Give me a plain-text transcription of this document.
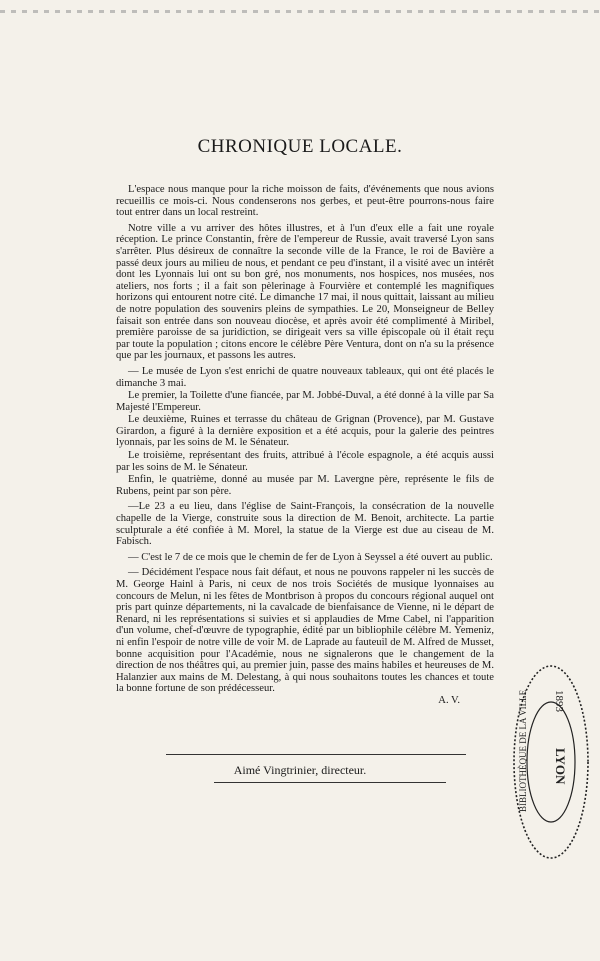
CHRONIQUE LOCALE.

L'espace nous manque pour la riche moisson de faits, d'événements que nous avions recueillis ce mois-ci. Nous condenserons nos gerbes, et peut-être pourrons-nous faire tout entrer dans un local restreint.

Notre ville a vu arriver des hôtes illustres, et à l'un d'eux elle a fait une royale réception. Le prince Constantin, frère de l'empereur de Russie, avait traversé Lyon sans s'arrêter. Plus désireux de connaître la seconde ville de la France, le roi de Bavière a passé deux jours au milieu de nous, et pendant ce peu d'instant, il a visité avec un intérêt dont les Lyonnais lui ont su bon gré, nos monuments, nos hospices, nos musées, nos ateliers, nos forts ; il a fait son pèlerinage à Fourvière et contemplé les magnifiques horizons qui entourent notre cité. Le dimanche 17 mai, il nous quittait, laissant au milieu de notre population des souvenirs pleins de sympathies. Le 20, Monseigneur de Belley faisait son entrée dans son nouveau diocèse, et après avoir été complimenté à Miribel, première paroisse de sa juridiction, se dirigeait vers sa ville épiscopale où il était reçu par toute la population ; citons encore le célèbre Père Ventura, dont on n'a su la présence que par les journaux, et passons les autres.

— Le musée de Lyon s'est enrichi de quatre nouveaux tableaux, qui ont été placés le dimanche 3 mai.

Le premier, la Toilette d'une fiancée, par M. Jobbé-Duval, a été donné à la ville par Sa Majesté l'Empereur.

Le deuxième, Ruines et terrasse du château de Grignan (Provence), par M. Gustave Girardon, a figuré à la dernière exposition et a été acquis, pour la galerie des peintres lyonnais, par les soins de M. le Sénateur.

Le troisième, représentant des fruits, attribué à l'école espagnole, a été acquis aussi par les soins de M. le Sénateur.

Enfin, le quatrième, donné au musée par M. Lavergne père, représente le fils de Rubens, peint par son père.

—Le 23 a eu lieu, dans l'église de Saint-François, la consécration de la nouvelle chapelle de la Vierge, construite sous la direction de M. Benoit, architecte. La partie sculpturale a été confiée à M. Morel, la statue de la Vierge est due au ciseau de M. Fabisch.

— C'est le 7 de ce mois que le chemin de fer de Lyon à Seyssel a été ouvert au public.

— Décidément l'espace nous fait défaut, et nous ne pouvons rappeler ni les succès de M. George Hainl à Paris, ni ceux de nos trois Sociétés de musique lyonnaises au concours de Melun, ni les fêtes de Montbrison à propos du concours régional auquel ont pris part quinze départements, ni la cavalcade de bienfaisance de Vienne, ni le départ de Renard, ni les représentations si suivies et si applaudies de Mme Cabel, ni l'apparition d'un volume, chef-d'œuvre de typographie, édité par un bibliophile célèbre M. Yemeniz, ni enfin l'espoir de notre ville de voir M. de Laprade au fauteuil de M. Alfred de Musset, bonne acquisition pour l'Académie, nous ne signalerons que le changement de la direction de nos théâtres qui, au premier juin, passe des mains habiles et heureuses de M. Halanzier aux mains de M. Delestang, à qui nous souhaitons toutes les chances et toute la bonne fortune de son prédécesseur.

A. V.
Aimé Vingtrinier, directeur.	BIBLIOTHÈQUE DE LA VILLE LYON
1893
